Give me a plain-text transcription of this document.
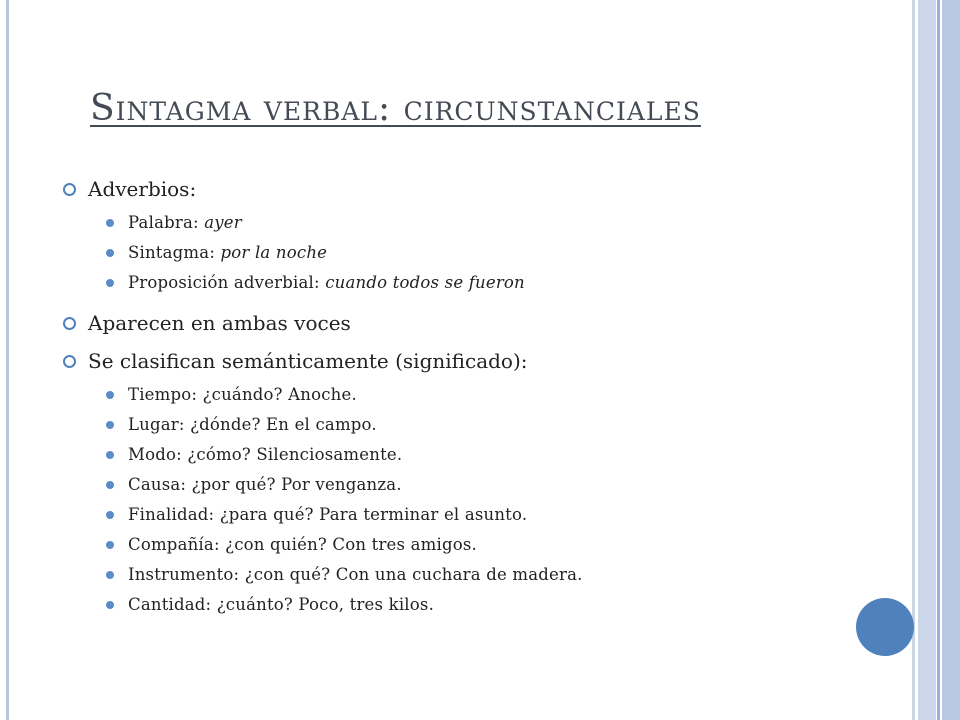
Sintagma verbal: circunstanciales
Adverbios:
Palabra: ayer
Sintagma: por la noche
Proposición adverbial: cuando todos se fueron
Aparecen en ambas voces
Se clasifican semánticamente (significado):
Tiempo: ¿cuándo? Anoche.
Lugar: ¿dónde? En el campo.
Modo: ¿cómo? Silenciosamente.
Causa: ¿por qué? Por venganza.
Finalidad: ¿para qué? Para terminar el asunto.
Compañía: ¿con quién? Con tres amigos.
Instrumento: ¿con qué? Con una cuchara de madera.
Cantidad: ¿cuánto? Poco, tres kilos.
